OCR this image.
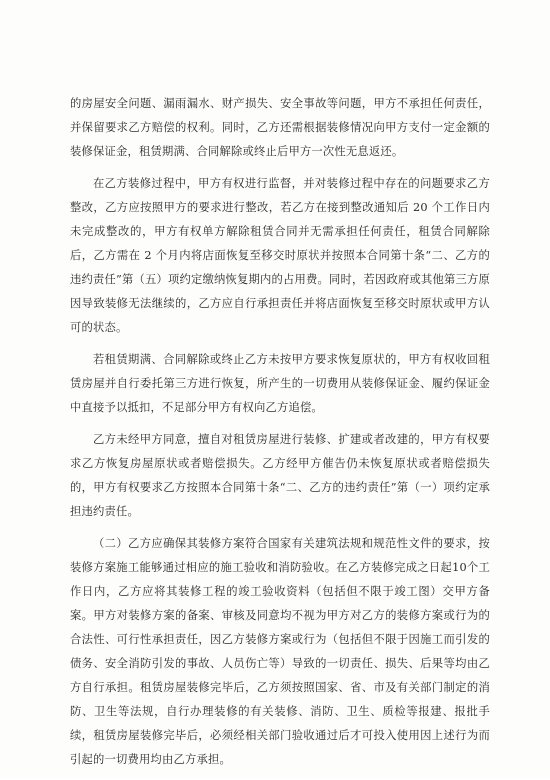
的房屋安全问题、漏雨漏水、财产损失、安全事故等问题，甲方不承担任何责任，并保留要求乙方赔偿的权利。同时，乙方还需根据装修情况向甲方支付一定金额的装修保证金，租赁期满、合同解除或终止后甲方一次性无息返还。

在乙方装修过程中，甲方有权进行监督，并对装修过程中存在的问题要求乙方整改，乙方应按照甲方的要求进行整改，若乙方在接到整改通知后 20 个工作日内未完成整改的，甲方有权单方解除租赁合同并无需承担任何责任，租赁合同解除后，乙方需在 2 个月内将店面恢复至移交时原状并按照本合同第十条“二、乙方的违约责任”第（五）项约定缴纳恢复期内的占用费。同时，若因政府或其他第三方原因导致装修无法继续的，乙方应自行承担责任并将店面恢复至移交时原状或甲方认可的状态。

若租赁期满、合同解除或终止乙方未按甲方要求恢复原状的，甲方有权收回租赁房屋并自行委托第三方进行恢复，所产生的一切费用从装修保证金、履约保证金中直接予以抵扣，不足部分甲方有权向乙方追偿。

乙方未经甲方同意，擅自对租赁房屋进行装修、扩建或者改建的，甲方有权要求乙方恢复房屋原状或者赔偿损失。乙方经甲方催告仍未恢复原状或者赔偿损失的，甲方有权要求乙方按照本合同第十条“二、乙方的违约责任”第（一）项约定承担违约责任。

（二）乙方应确保其装修方案符合国家有关建筑法规和规范性文件的要求，按装修方案施工能够通过相应的施工验收和消防验收。在乙方装修完成之日起10个工作日内，乙方应将其装修工程的竣工验收资料（包括但不限于竣工图）交甲方备案。甲方对装修方案的备案、审核及同意均不视为甲方对乙方的装修方案或行为的合法性、可行性承担责任，因乙方装修方案或行为（包括但不限于因施工而引发的债务、安全消防引发的事故、人员伤亡等）导致的一切责任、损失、后果等均由乙方自行承担。租赁房屋装修完毕后，乙方须按照国家、省、市及有关部门制定的消防、卫生等法规，自行办理装修的有关装修、消防、卫生、质检等报建、报批手续，租赁房屋装修完毕后，必须经相关部门验收通过后才可投入使用因上述行为而引起的一切费用均由乙方承担。
